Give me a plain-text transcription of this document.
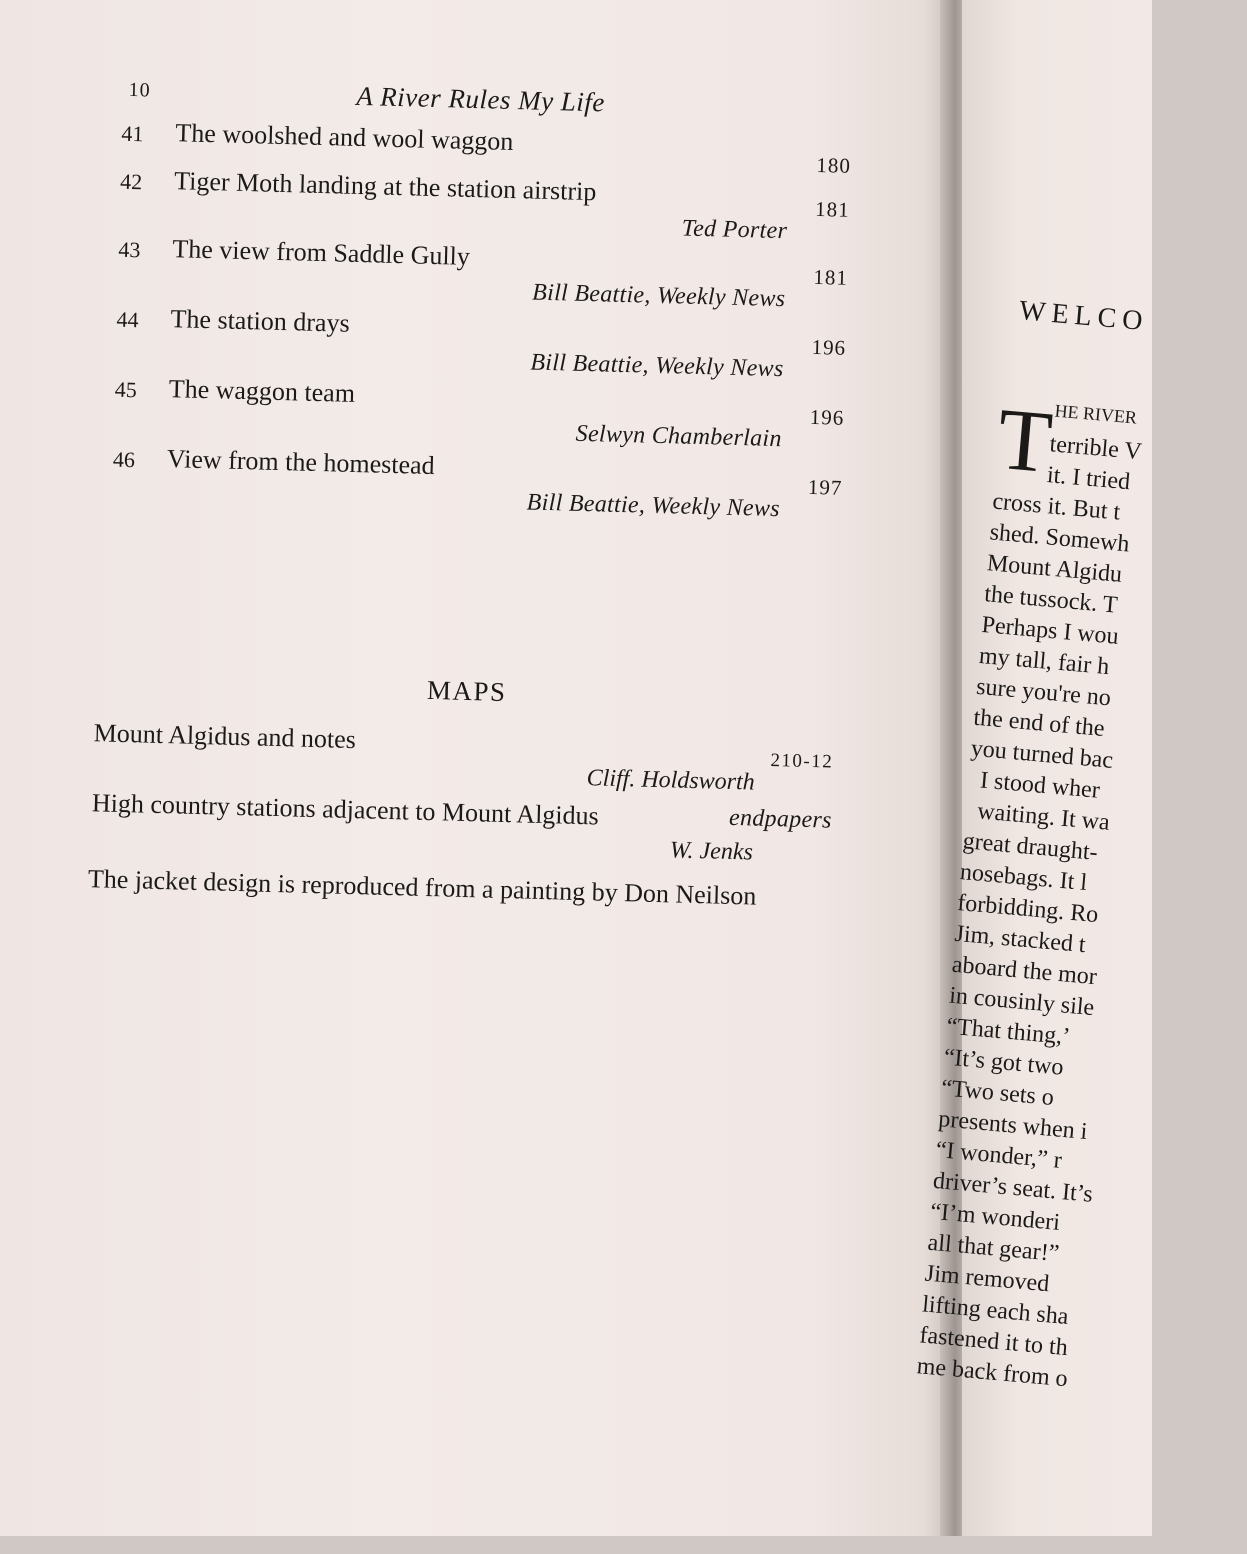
10	A River Rules My Life
41 The woolshed and wool waggon
180
42 Tiger Moth landing at the station airstrip
Ted Porter
181
43 The view from Saddle Gully
Bill Beattie, Weekly News
181
44 The station drays
Bill Beattie, Weekly News
196
45 The waggon team
Selwyn Chamberlain
196
46 View from the homestead
Bill Beattie, Weekly News
197
MAPS
Mount Algidus and notes
210-12
Cliff. Holdsworth
High country stations adjacent to Mount Algidus	endpapers
W. Jenks
The jacket design is reproduced from a painting by Don Neilson
WELCO
T
HE RIVER
terrible V
it. I tried
cross it. But t
shed. Somewh
Mount Algidu
the tussock. T
Perhaps I wou
my tall, fair h
sure you're no
the end of the
you turned bac
I stood wher
waiting. It wa
great draught-
nosebags. It l
forbidding. Ro
Jim, stacked t
aboard the mor
in cousinly sile
“That thing,’
“It’s got two
“Two sets o
presents when i
“I wonder,” r
driver’s seat. It’s
“I’m wonderi
all that gear!”
Jim removed
lifting each sha
fastened it to th
me back from o
